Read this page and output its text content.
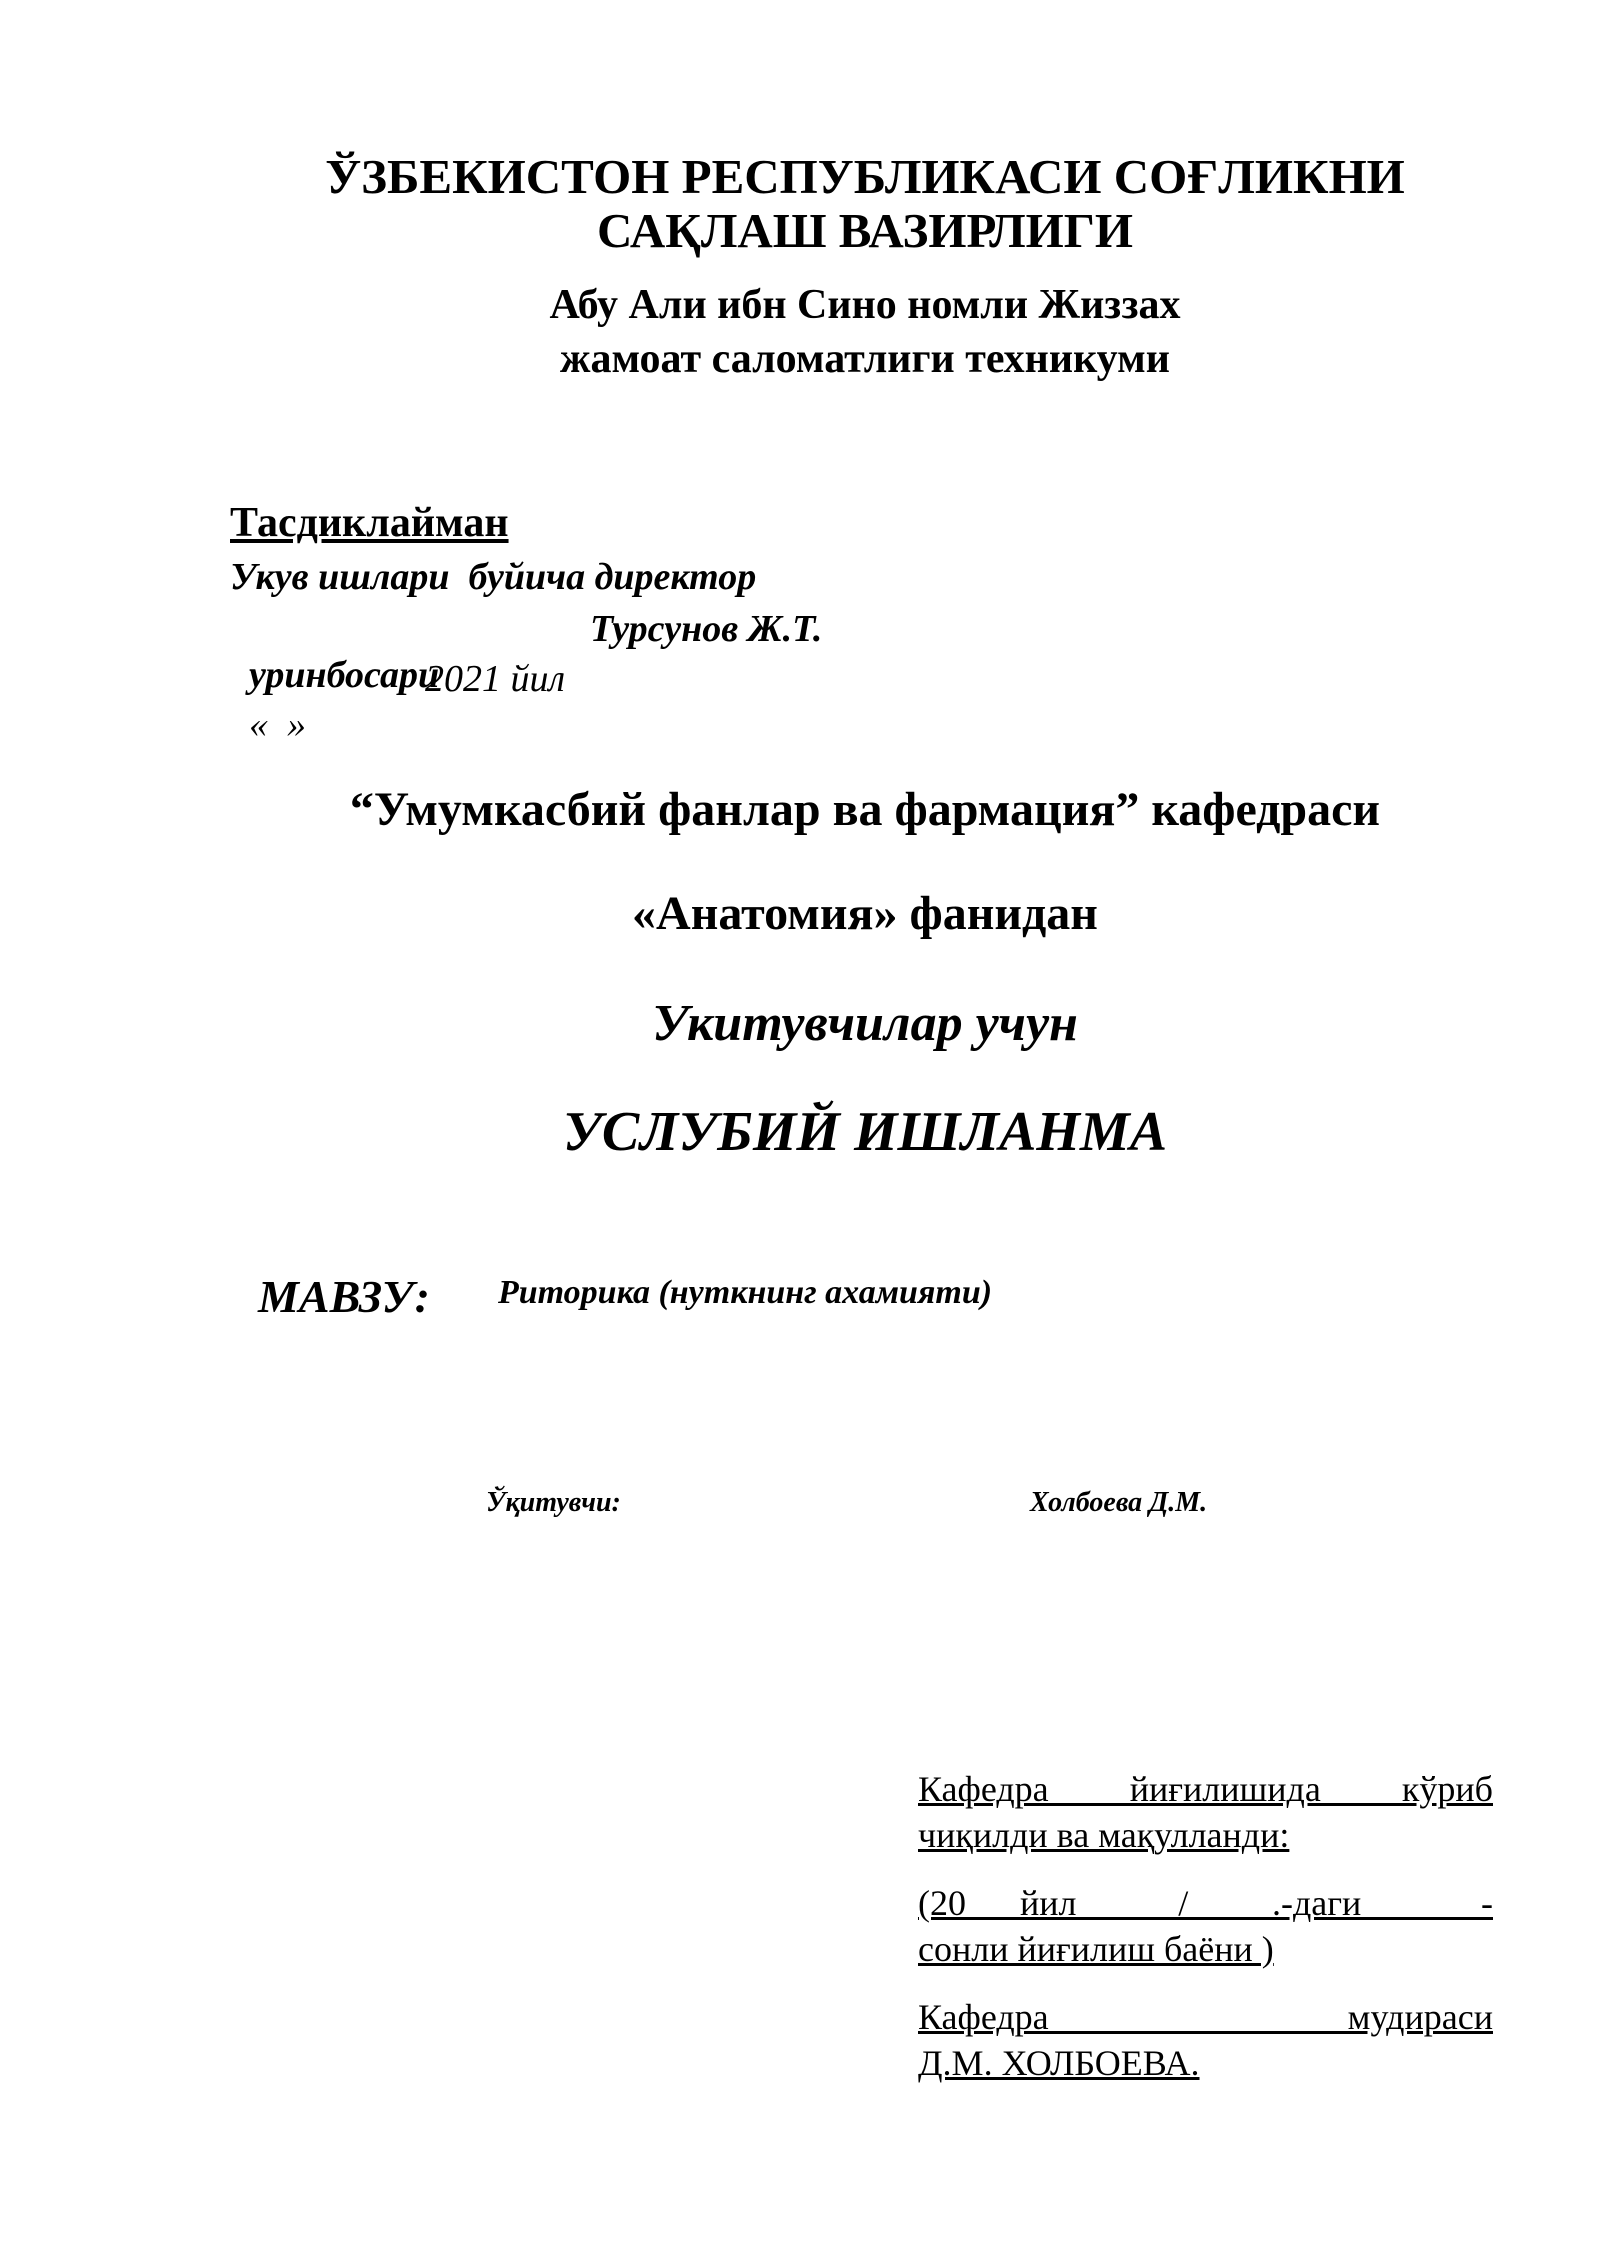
ЎЗБЕКИСТОН РЕСПУБЛИКАСИ СОҒЛИКНИ
САҚЛАШ ВАЗИРЛИГИ
Абу Али ибн Сино номли Жиззах
жамоат саломатлиги техникуми
Тасдиклайман
Укув ишлари  буйича директор

уринбосари

Турсунов Ж.Т.

«  »

2021 йил

“Умумкасбий фанлар ва фармация” кафедраси
«Анатомия» фанидан
Укитувчилар учун
УСЛУБИЙ ИШЛАНМА
МАВЗУ: Риторика (нуткнинг ахамияти)
Ўқитувчи:	Холбоева Д.М.
Кафедра йиғилишида кўриб
чиқилди ва мақулланди:
(20___йил ___/ __.-даги ____-
сонли йиғилиш баёни )
Кафедра мудираси
Д.М. ХОЛБОЕВА.
